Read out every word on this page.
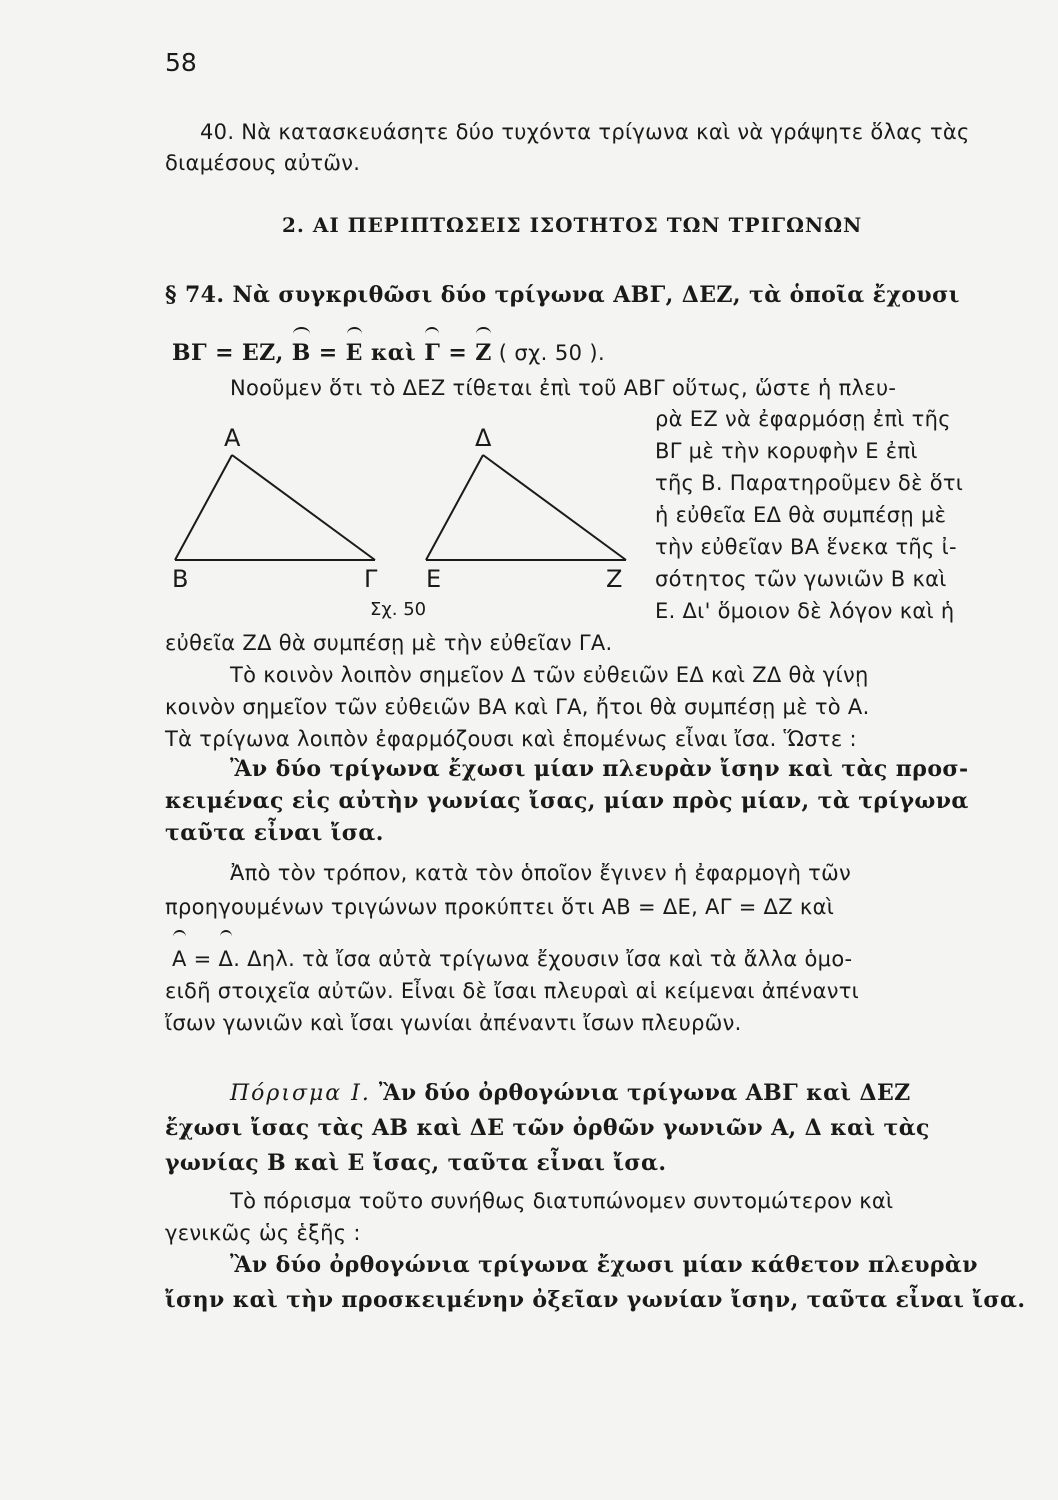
58
40. Νὰ κατασκευάσητε δύο τυχόντα τρίγωνα καὶ νὰ γράψητε ὅλας τὰς
διαμέσους αὐτῶν.
2. ΑΙ ΠΕΡΙΠΤΩΣΕΙΣ ΙΣΟΤΗΤΟΣ ΤΩΝ ΤΡΙΓΩΝΩΝ
§ 74. Νὰ συγκριθῶσι δύο τρίγωνα ΑΒΓ, ΔΕΖ, τὰ ὁποῖα ἔχουσι
ΒΓ = ΕΖ, Β = Ε καὶ Γ = Ζ ( σχ. 50 ).
Α
Β	Γ
Δ
Ε	Ζ
Σχ. 50
Νοοῦμεν ὅτι τὸ ΔΕΖ τίθεται ἐπὶ τοῦ ΑΒΓ οὕτως, ὥστε ἡ πλευ-
ρὰ ΕΖ νὰ ἐφαρμόσῃ ἐπὶ τῆς
ΒΓ μὲ τὴν κορυφὴν Ε ἐπὶ
τῆς Β. Παρατηροῦμεν δὲ ὅτι
ἡ εὐθεῖα ΕΔ θὰ συμπέσῃ μὲ
τὴν εὐθεῖαν ΒΑ ἕνεκα τῆς ἰ-
σότητος τῶν γωνιῶν Β καὶ
Ε. Δι' ὅμοιον δὲ λόγον καὶ ἡ
εὐθεῖα ΖΔ θὰ συμπέσῃ μὲ τὴν εὐθεῖαν ΓΑ.
Τὸ κοινὸν λοιπὸν σημεῖον Δ τῶν εὐθειῶν ΕΔ καὶ ΖΔ θὰ γίνῃ
κοινὸν σημεῖον τῶν εὐθειῶν ΒΑ καὶ ΓΑ, ἤτοι θὰ συμπέσῃ μὲ τὸ Α.
Τὰ τρίγωνα λοιπὸν ἐφαρμόζουσι καὶ ἑπομένως εἶναι ἴσα. Ὥστε :
Ἂν δύο τρίγωνα ἔχωσι μίαν πλευρὰν ἴσην καὶ τὰς προσ-
κειμένας εἰς αὐτὴν γωνίας ἴσας, μίαν πρὸς μίαν, τὰ τρίγωνα
ταῦτα εἶναι ἴσα.
Ἀπὸ τὸν τρόπον, κατὰ τὸν ὁποῖον ἔγινεν ἡ ἐφαρμογὴ τῶν
προηγουμένων τριγώνων προκύπτει ὅτι ΑΒ = ΔΕ, ΑΓ = ΔΖ καὶ
Α = Δ. Δηλ. τὰ ἴσα αὐτὰ τρίγωνα ἔχουσιν ἴσα καὶ τὰ ἄλλα ὁμο-
ειδῆ στοιχεῖα αὐτῶν. Εἶναι δὲ ἴσαι πλευραὶ αἱ κείμεναι ἀπέναντι
ἴσων γωνιῶν καὶ ἴσαι γωνίαι ἀπέναντι ἴσων πλευρῶν.
Πόρισμα I. Ἂν δύο ὀρθογώνια τρίγωνα ΑΒΓ καὶ ΔΕΖ
ἔχωσι ἴσας τὰς ΑΒ καὶ ΔΕ τῶν ὀρθῶν γωνιῶν Α, Δ καὶ τὰς
γωνίας Β καὶ Ε ἴσας, ταῦτα εἶναι ἴσα.
Τὸ πόρισμα τοῦτο συνήθως διατυπώνομεν συντομώτερον καὶ
γενικῶς ὡς ἑξῆς :
Ἂν δύο ὀρθογώνια τρίγωνα ἔχωσι μίαν κάθετον πλευρὰν
ἴσην καὶ τὴν προσκειμένην ὀξεῖαν γωνίαν ἴσην, ταῦτα εἶναι ἴσα.
